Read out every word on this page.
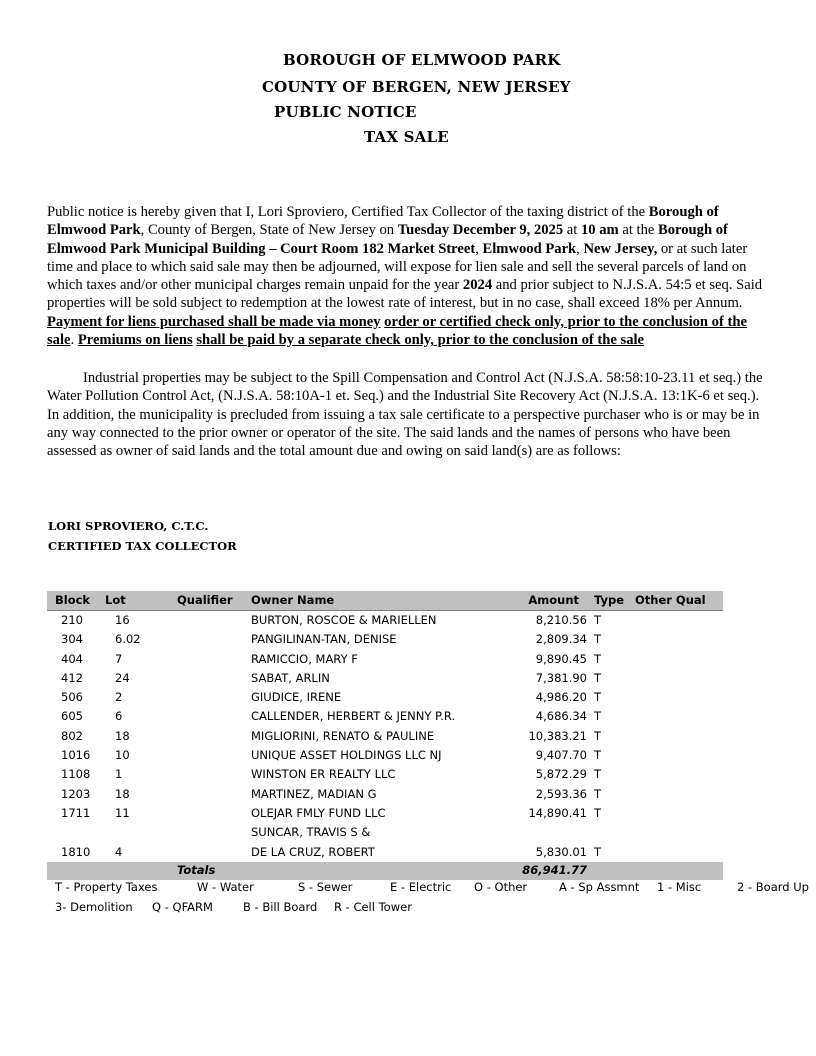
BOROUGH OF ELMWOOD PARK
COUNTY OF BERGEN, NEW JERSEY
PUBLIC NOTICE
TAX SALE
Public notice is hereby given that I, Lori Sproviero, Certified Tax Collector of the taxing district of the Borough of Elmwood Park, County of Bergen, State of New Jersey on Tuesday December 9, 2025 at 10 am at the Borough of Elmwood Park Municipal Building – Court Room 182 Market Street, Elmwood Park, New Jersey, or at such later time and place to which said sale may then be adjourned, will expose for lien sale and sell the several parcels of land on which taxes and/or other municipal charges remain unpaid for the year 2024 and prior subject to N.J.S.A. 54:5 et seq. Said properties will be sold subject to redemption at the lowest rate of interest, but in no case, shall exceed 18% per Annum. Payment for liens purchased shall be made via money order or certified check only, prior to the conclusion of the sale. Premiums on liens shall be paid by a separate check only, prior to the conclusion of the sale
Industrial properties may be subject to the Spill Compensation and Control Act (N.J.S.A. 58:58:10-23.11 et seq.) the Water Pollution Control Act, (N.J.S.A. 58:10A-1 et. Seq.) and the Industrial Site Recovery Act (N.J.S.A. 13:1K-6 et seq.). In addition, the municipality is precluded from issuing a tax sale certificate to a perspective purchaser who is or may be in any way connected to the prior owner or operator of the site. The said lands and the names of persons who have been assessed as owner of said lands and the total amount due and owing on said land(s) are as follows:
LORI SPROVIERO, C.T.C.
CERTIFIED TAX COLLECTOR
Block Lot	Qualifier Owner Name	Amount Type Other Qual
210	16	BURTON, ROSCOE & MARIELLEN	8,210.56 T
304	6.02	PANGILINAN-TAN, DENISE	2,809.34 T
404	7	RAMICCIO, MARY F	9,890.45 T
412	24	SABAT, ARLIN	7,381.90 T
506	2	GIUDICE, IRENE	4,986.20 T
605	6	CALLENDER, HERBERT & JENNY P.R.	4,686.34 T
802	18	MIGLIORINI, RENATO & PAULINE	10,383.21 T
1016 10	UNIQUE ASSET HOLDINGS LLC NJ	9,407.70 T
1108 1	WINSTON ER REALTY LLC	5,872.29 T
1203 18	MARTINEZ, MADIAN G	2,593.36 T
1711 11	OLEJAR FMLY FUND LLC	14,890.41 T
SUNCAR, TRAVIS S &
1810 4	DE LA CRUZ, ROBERT	5,830.01 T
Totals	86,941.77
T - Property Taxes	W - Water	S - Sewer	E - Electric O - Other	A - Sp Assmnt 1 - Misc	2 - Board Up
3- Demolition Q - QFARM	B - Bill Board R - Cell Tower
